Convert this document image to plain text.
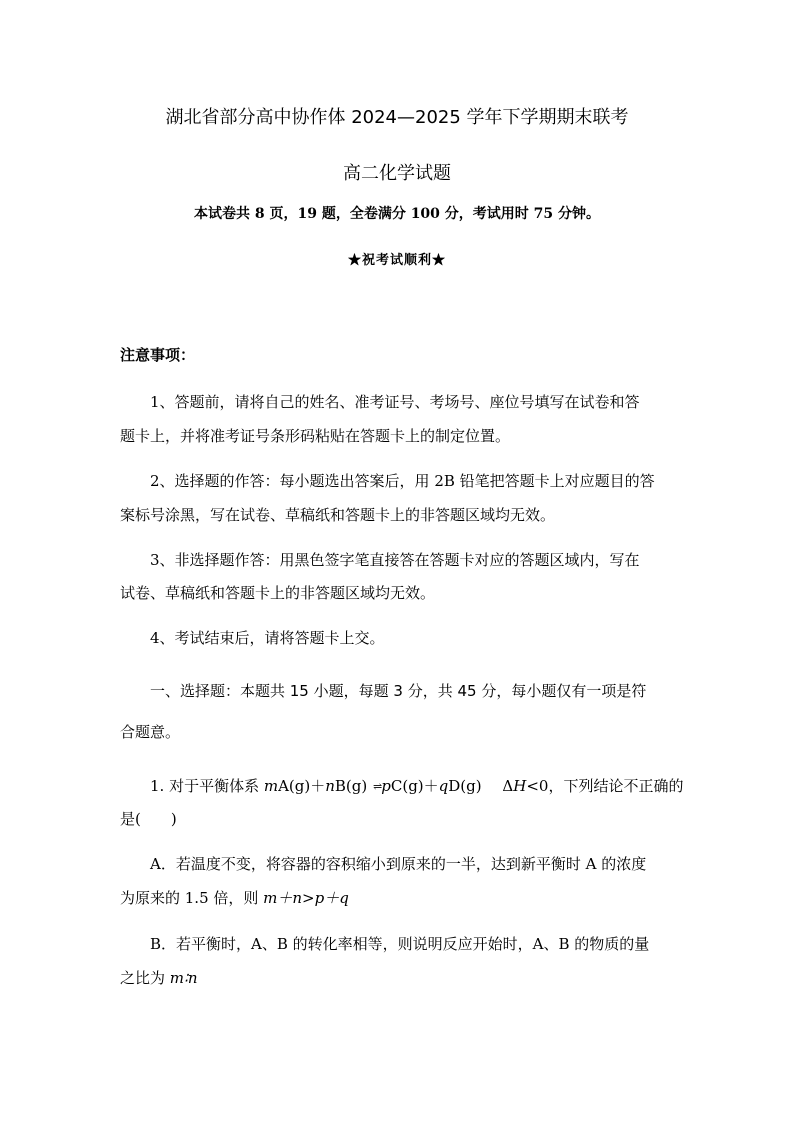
湖北省部分高中协作体 2024—2025 学年下学期期末联考
高二化学试题
本试卷共 8 页，19 题，全卷满分 100 分，考试用时 75 分钟。
★祝考试顺利★
注意事项：
1、答题前，请将自己的姓名、准考证号、考场号、座位号填写在试卷和答
题卡上，并将准考证号条形码粘贴在答题卡上的制定位置。
2、选择题的作答：每小题选出答案后，用 2B 铅笔把答题卡上对应题目的答
案标号涂黑，写在试卷、草稿纸和答题卡上的非答题区域均无效。
3、非选择题作答：用黑色签字笔直接答在答题卡对应的答题区域内，写在
试卷、草稿纸和答题卡上的非答题区域均无效。
4、考试结束后，请将答题卡上交。
一、选择题：本题共 15 小题，每题 3 分，共 45 分，每小题仅有一项是符
合题意。
1. 对于平衡体系 mA(g)＋nB(g) ⇌pC(g)＋qD(g) ΔH<0，下列结论不正确的
是(　　)
A．若温度不变，将容器的容积缩小到原来的一半，达到新平衡时 A 的浓度
为原来的 1.5 倍，则 m＋n>p＋q
B．若平衡时，A、B 的转化率相等，则说明反应开始时，A、B 的物质的量
之比为 m∶n
